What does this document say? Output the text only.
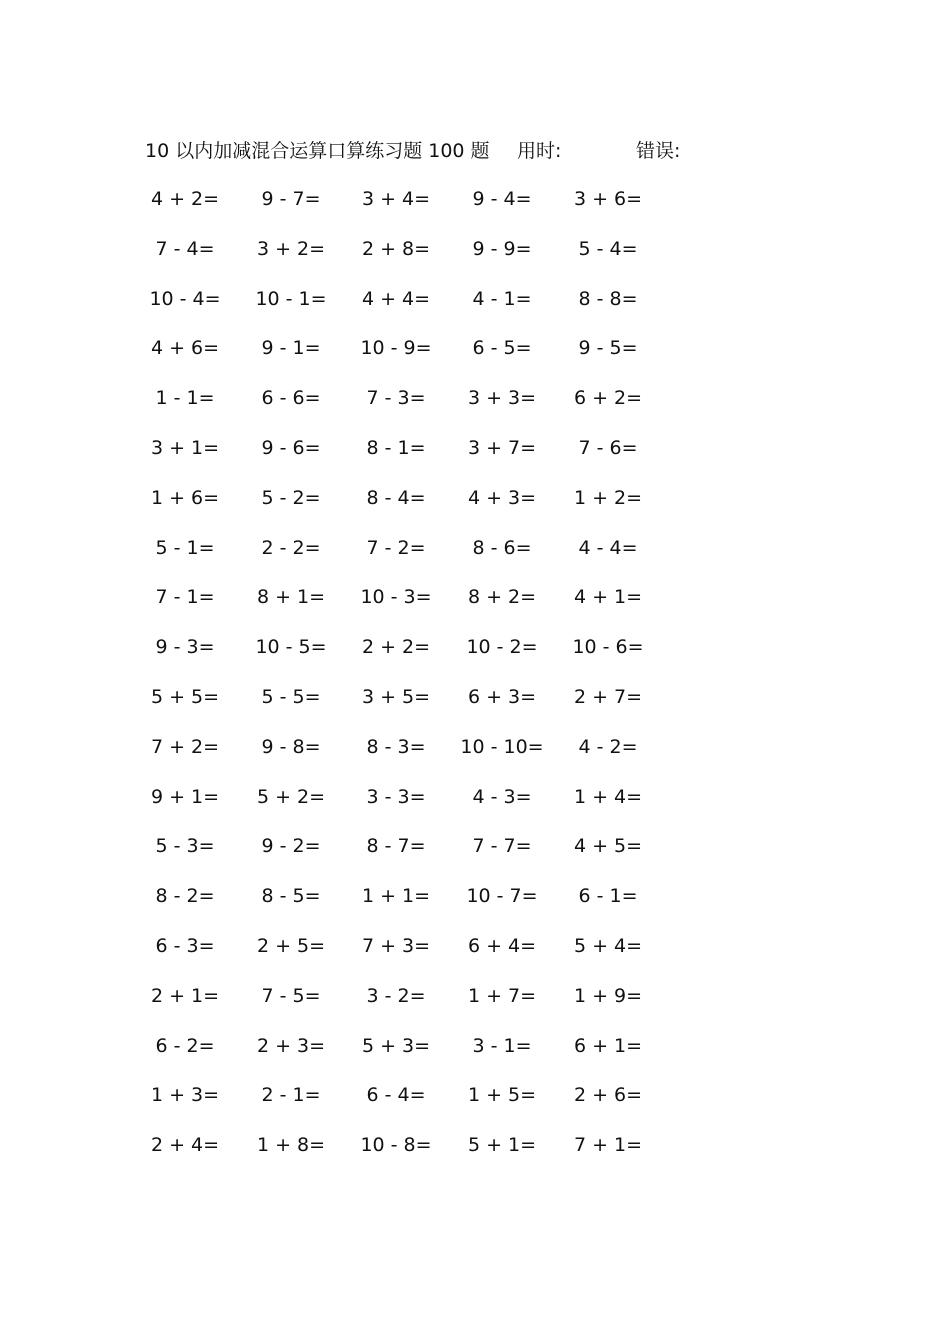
10 以内加减混合运算口算练习题 100 题 用时:	错误:
4 + 2=	9 - 7=	3 + 4=	9 - 4=	3 + 6=
7 - 4=	3 + 2=	2 + 8=	9 - 9=	5 - 4=
10 - 4=	10 - 1=	4 + 4=	4 - 1=	8 - 8=
4 + 6=	9 - 1=	10 - 9=	6 - 5=	9 - 5=
1 - 1=	6 - 6=	7 - 3=	3 + 3=	6 + 2=
3 + 1=	9 - 6=	8 - 1=	3 + 7=	7 - 6=
1 + 6=	5 - 2=	8 - 4=	4 + 3=	1 + 2=
5 - 1=	2 - 2=	7 - 2=	8 - 6=	4 - 4=
7 - 1=	8 + 1=	10 - 3=	8 + 2=	4 + 1=
9 - 3=	10 - 5=	2 + 2=	10 - 2=	10 - 6=
5 + 5=	5 - 5=	3 + 5=	6 + 3=	2 + 7=
7 + 2=	9 - 8=	8 - 3=	10 - 10=	4 - 2=
9 + 1=	5 + 2=	3 - 3=	4 - 3=	1 + 4=
5 - 3=	9 - 2=	8 - 7=	7 - 7=	4 + 5=
8 - 2=	8 - 5=	1 + 1=	10 - 7=	6 - 1=
6 - 3=	2 + 5=	7 + 3=	6 + 4=	5 + 4=
2 + 1=	7 - 5=	3 - 2=	1 + 7=	1 + 9=
6 - 2=	2 + 3=	5 + 3=	3 - 1=	6 + 1=
1 + 3=	2 - 1=	6 - 4=	1 + 5=	2 + 6=
2 + 4=	1 + 8=	10 - 8=	5 + 1=	7 + 1=
